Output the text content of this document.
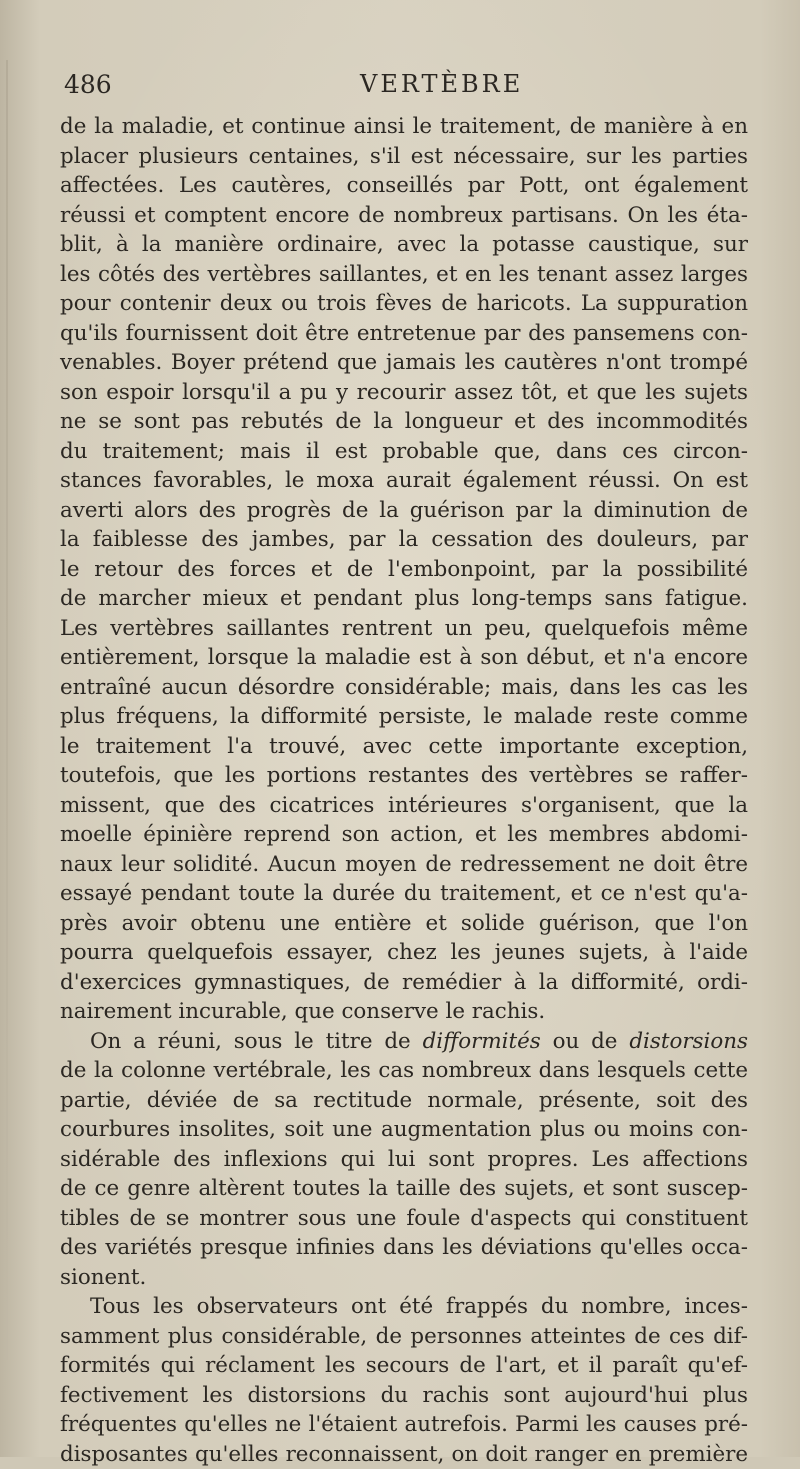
486	VERTÈBRE
de la maladie, et continue ainsi le traitement, de manière à en
placer plusieurs centaines, s'il est nécessaire, sur les parties
affectées. Les cautères, conseillés par Pott, ont également
réussi et comptent encore de nombreux partisans. On les éta-
blit, à la manière ordinaire, avec la potasse caustique, sur
les côtés des vertèbres saillantes, et en les tenant assez larges
pour contenir deux ou trois fèves de haricots. La suppuration
qu'ils fournissent doit être entretenue par des pansemens con-
venables. Boyer prétend que jamais les cautères n'ont trompé
son espoir lorsqu'il a pu y recourir assez tôt, et que les sujets
ne se sont pas rebutés de la longueur et des incommodités
du traitement; mais il est probable que, dans ces circon-
stances favorables, le moxa aurait également réussi. On est
averti alors des progrès de la guérison par la diminution de
la faiblesse des jambes, par la cessation des douleurs, par
le retour des forces et de l'embonpoint, par la possibilité
de marcher mieux et pendant plus long-temps sans fatigue.
Les vertèbres saillantes rentrent un peu, quelquefois même
entièrement, lorsque la maladie est à son début, et n'a encore
entraîné aucun désordre considérable; mais, dans les cas les
plus fréquens, la difformité persiste, le malade reste comme
le traitement l'a trouvé, avec cette importante exception,
toutefois, que les portions restantes des vertèbres se raffer-
missent, que des cicatrices intérieures s'organisent, que la
moelle épinière reprend son action, et les membres abdomi-
naux leur solidité. Aucun moyen de redressement ne doit être
essayé pendant toute la durée du traitement, et ce n'est qu'a-
près avoir obtenu une entière et solide guérison, que l'on
pourra quelquefois essayer, chez les jeunes sujets, à l'aide
d'exercices gymnastiques, de remédier à la difformité, ordi-
nairement incurable, que conserve le rachis.
On a réuni, sous le titre de difformités ou de distorsions
de la colonne vertébrale, les cas nombreux dans lesquels cette
partie, déviée de sa rectitude normale, présente, soit des
courbures insolites, soit une augmentation plus ou moins con-
sidérable des inflexions qui lui sont propres. Les affections
de ce genre altèrent toutes la taille des sujets, et sont suscep-
tibles de se montrer sous une foule d'aspects qui constituent
des variétés presque infinies dans les déviations qu'elles occa-
sionent.
Tous les observateurs ont été frappés du nombre, inces-
samment plus considérable, de personnes atteintes de ces dif-
formités qui réclament les secours de l'art, et il paraît qu'ef-
fectivement les distorsions du rachis sont aujourd'hui plus
fréquentes qu'elles ne l'étaient autrefois. Parmi les causes pré-
disposantes qu'elles reconnaissent, on doit ranger en première
